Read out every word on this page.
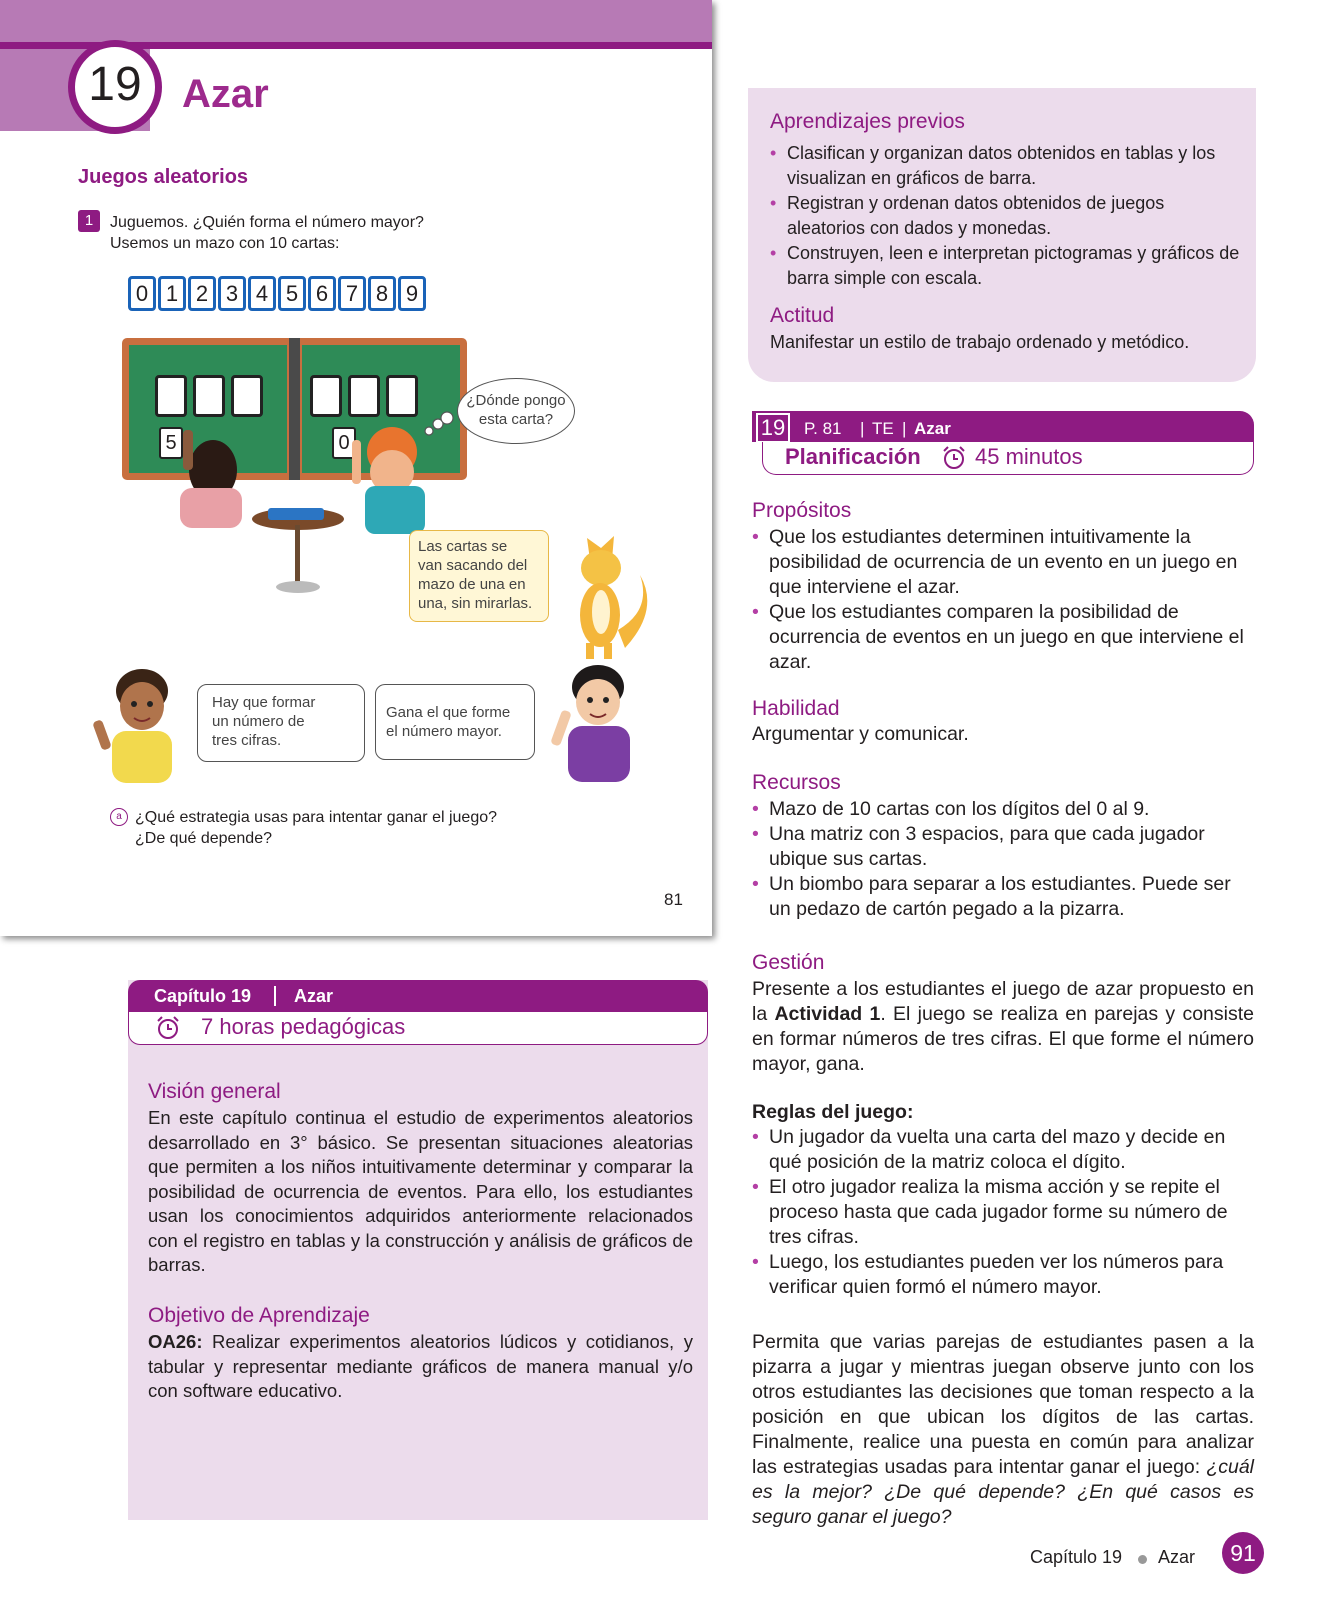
19	Azar
Juegos aleatorios
1	Juguemos. ¿Quién forma el número mayor?
Usemos un mazo con 10 cartas:
0 1 2 3 4 5 6 7 8 9
5	0
¿Dónde pongo
esta carta?
Las cartas se
van sacando del
mazo de una en
una, sin mirarlas.
Hay que formar
un número de
tres cifras.
Gana el que forme
el número mayor.
a ¿Qué estrategia usas para intentar ganar el juego?
¿De qué depende?
81
Capítulo 19 Azar
7 horas pedagógicas
Visión general
En este capítulo continua el estudio de experimentos aleatorios desarrollado en 3° básico. Se presentan situaciones aleatorias que permiten a los niños intuitivamente determinar y comparar la posibilidad de ocurrencia de eventos. Para ello, los estudiantes usan los conocimientos adquiridos anteriormente relacionados con el registro en tablas y la construcción y análisis de gráficos de barras.
Objetivo de Aprendizaje
OA26: Realizar experimentos aleatorios lúdicos y cotidianos, y tabular y representar mediante gráficos de manera manual y/o con software educativo.
Aprendizajes previos
• Clasifican y organizan datos obtenidos en tablas y los visualizan en gráficos de barra.
• Registran y ordenan datos obtenidos de juegos aleatorios con dados y monedas.
• Construyen, leen e interpretan pictogramas y gráficos de barra simple con escala.
Actitud
Manifestar un estilo de trabajo ordenado y metódico.
19 P. 81 | TE | Azar
Planificación 45 minutos
Propósitos
• Que los estudiantes determinen intuitivamente la posibilidad de ocurrencia de un evento en un juego en que interviene el azar.
• Que los estudiantes comparen la posibilidad de ocurrencia de eventos en un juego en que interviene el azar.
Habilidad
Argumentar y comunicar.
Recursos
• Mazo de 10 cartas con los dígitos del 0 al 9.
• Una matriz con 3 espacios, para que cada jugador ubique sus cartas.
• Un biombo para separar a los estudiantes. Puede ser un pedazo de cartón pegado a la pizarra.
Gestión
Presente a los estudiantes el juego de azar propuesto en la Actividad 1. El juego se realiza en parejas y consiste en formar números de tres cifras. El que forme el número mayor, gana.
Reglas del juego:
• Un jugador da vuelta una carta del mazo y decide en qué posición de la matriz coloca el dígito.
• El otro jugador realiza la misma acción y se repite el proceso hasta que cada jugador forme su número de tres cifras.
• Luego, los estudiantes pueden ver los números para verificar quien formó el número mayor.
Permita que varias parejas de estudiantes pasen a la pizarra a jugar y mientras juegan observe junto con los otros estudiantes las decisiones que toman respecto a la posición en que ubican los dígitos de las cartas. Finalmente, realice una puesta en común para analizar las estrategias usadas para intentar ganar el juego: ¿cuál es la mejor? ¿De qué depende? ¿En qué casos es seguro ganar el juego?
Capítulo 19 Azar	91
